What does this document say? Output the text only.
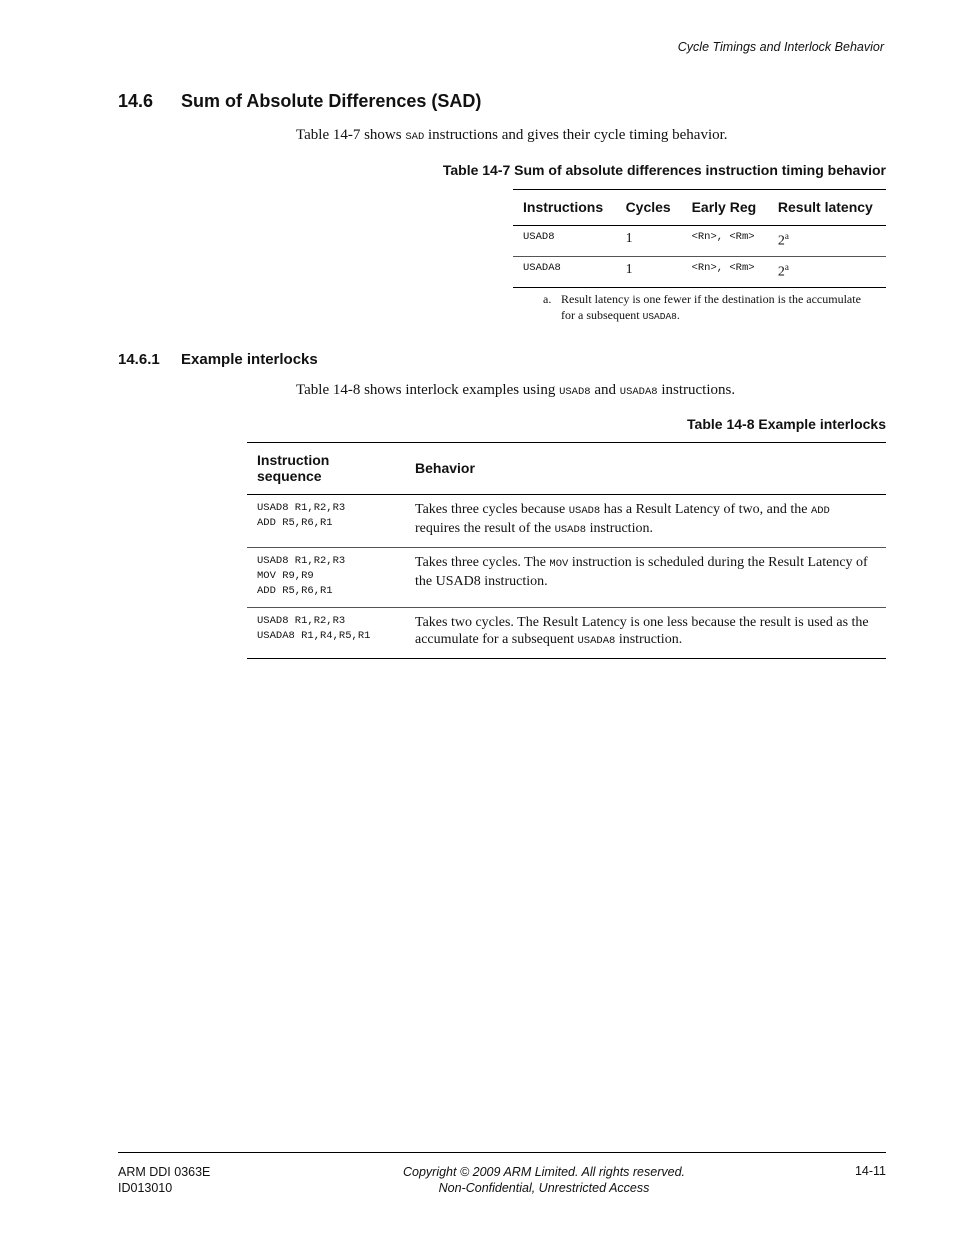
Cycle Timings and Interlock Behavior
14.6 Sum of Absolute Differences (SAD)
Table 14-7 shows SAD instructions and gives their cycle timing behavior.
Table 14-7 Sum of absolute differences instruction timing behavior
Instructions	Cycles	Early Reg	Result latency
USAD8	1	<Rn>, <Rm>	$2^a$
USADA8	1	<Rn>, <Rm>	$2^a$
a. Result latency is one fewer if the destination is the accumulate for a subsequent USADA8.
14.6.1 Example interlocks
Table 14-8 shows interlock examples using USAD8 and USADA8 instructions.
Table 14-8 Example interlocks
Instruction sequence	Behavior

USAD8 R1,R2,R3
ADD R5,R6,R1	Takes three cycles because USAD8 has a Result Latency of two, and the ADD requires the result of the USAD8 instruction.

USAD8 R1,R2,R3
MOV R9,R9
ADD R5,R6,R1	Takes three cycles. The MOV instruction is scheduled during the Result Latency of the USAD8 instruction.

USAD8 R1,R2,R3
USADA8 R1,R4,R5,R1	Takes two cycles. The Result Latency is one less because the result is used as the accumulate for a subsequent USADA8 instruction.
ARM DDI 0363E
ID013010
Copyright © 2009 ARM Limited. All rights reserved.
Non-Confidential, Unrestricted Access
14-11
